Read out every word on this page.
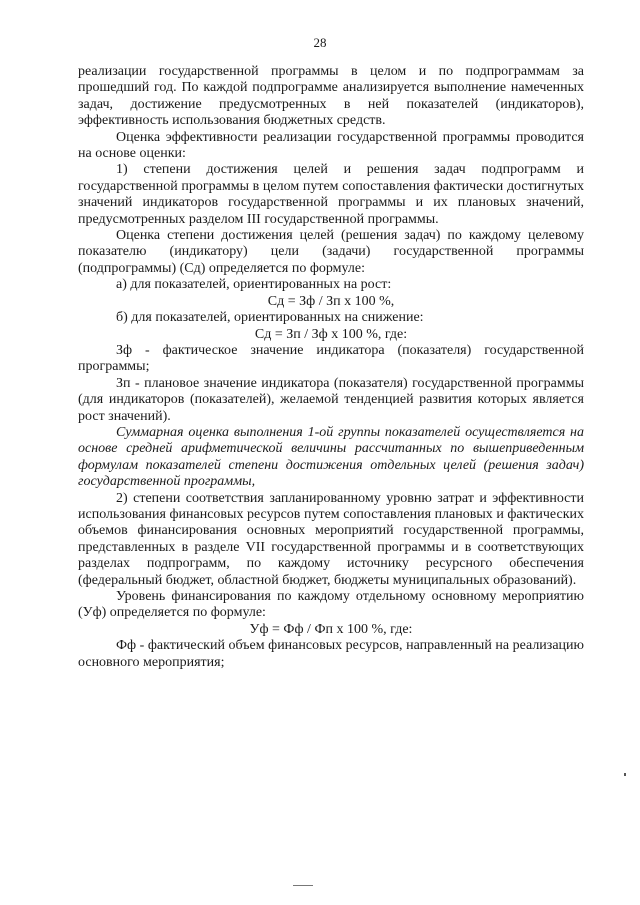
28

реализации государственной программы в целом и по подпрограммам за прошедший год. По каждой подпрограмме анализируется выполнение намеченных задач, достижение предусмотренных в ней показателей (индикаторов), эффективность использования бюджетных средств.

Оценка эффективности реализации государственной программы проводится на основе оценки:

1) степени достижения целей и решения задач подпрограмм и государственной программы в целом путем сопоставления фактически достигнутых значений индикаторов государственной программы и их плановых значений, предусмотренных разделом III государственной программы.

Оценка степени достижения целей (решения задач) по каждому целевому показателю (индикатору) цели (задачи) государственной программы (подпрограммы) (Сд) определяется по формуле:

а) для показателей, ориентированных на рост:

Сд = Зф / Зп х 100 %,

б) для показателей, ориентированных на снижение:

Сд = Зп / Зф х 100 %, где:

Зф - фактическое значение индикатора (показателя) государственной программы;

Зп - плановое значение индикатора (показателя) государственной программы (для индикаторов (показателей), желаемой тенденцией развития которых является рост значений).

Суммарная оценка выполнения 1-ой группы показателей осуществляется на основе средней арифметической величины рассчитанных по вышеприведенным формулам показателей степени достижения отдельных целей (решения задач) государственной программы,

2) степени соответствия запланированному уровню затрат и эффективности использования финансовых ресурсов путем сопоставления плановых и фактических объемов финансирования основных мероприятий государственной программы, представленных в разделе VII государственной программы и в соответствующих разделах подпрограмм, по каждому источнику ресурсного обеспечения (федеральный бюджет, областной бюджет, бюджеты муниципальных образований).

Уровень финансирования по каждому отдельному основному мероприятию (Уф) определяется по формуле:

Уф = Фф / Фп х 100 %, где:

Фф - фактический объем финансовых ресурсов, направленный на реализацию основного мероприятия;
